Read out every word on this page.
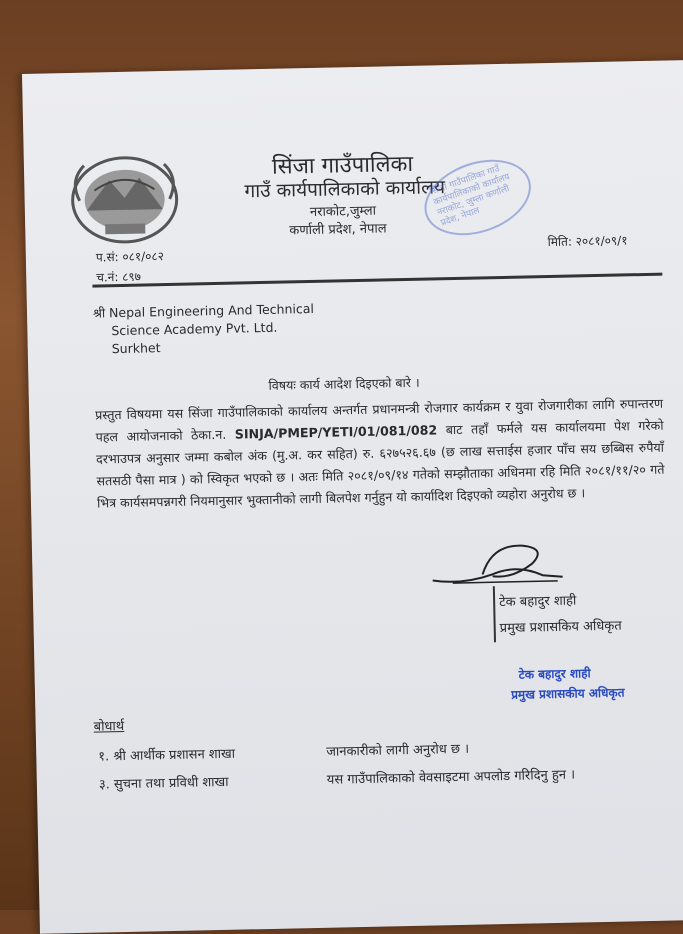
सिंजा गाउँपालिका
गाउँ कार्यपालिकाको कार्यालय
नराकोट,जुम्ला
कर्णाली प्रदेश, नेपाल
सिंजा गाउँपालिका गाउँ कार्यपालिकाको कार्यालय नराकोट, जुम्ला कर्णाली प्रदेश, नेपाल
प.सं: ०८१/०८२
च.नं: ८९७
मिति: २०८१/०९/१
श्री Nepal Engineering And Technical
Science Academy Pvt. Ltd.
Surkhet
विषयः कार्य आदेश दिइएको बारे ।
प्रस्तुत विषयमा यस सिंजा गाउँपालिकाको कार्यालय अन्तर्गत प्रधानमन्त्री रोजगार कार्यक्रम र युवा रोजगारीका लागि रुपान्तरण पहल आयोजनाको ठेका.न. SINJA/PMEP/YETI/01/081/082 बाट तहाँ फर्मले यस कार्यालयमा पेश गरेको दरभाउपत्र अनुसार जम्मा कबोल अंक (मु.अ. कर सहित) रु. ६२७५२६.६७ (छ लाख सत्ताईस हजार पाँच सय छब्बिस रुपैयाँ सतसठी पैसा मात्र ) को स्विकृत भएको छ । अतः मिति २०८१/०९/१४ गतेको सम्झौताका अधिनमा रहि मिति २०८१/११/२० गते भित्र कार्यसमपन्नगरी नियमानुसार भुक्तानीको लागी बिलपेश गर्नुहुन यो कार्यादिश दिइएको व्यहोरा अनुरोध छ ।
टेक बहादुर शाही
प्रमुख प्रशासकिय अधिकृत
टेक बहादुर शाही
प्रमुख प्रशासकीय अधिकृत
बोधार्थ
१. श्री आर्थीक प्रशासन शाखा	जानकारीको लागी अनुरोध छ ।
३. सुचना तथा प्रविधी शाखा	यस गाउँपालिकाको वेवसाइटमा अपलोड गरिदिनु हुन ।
